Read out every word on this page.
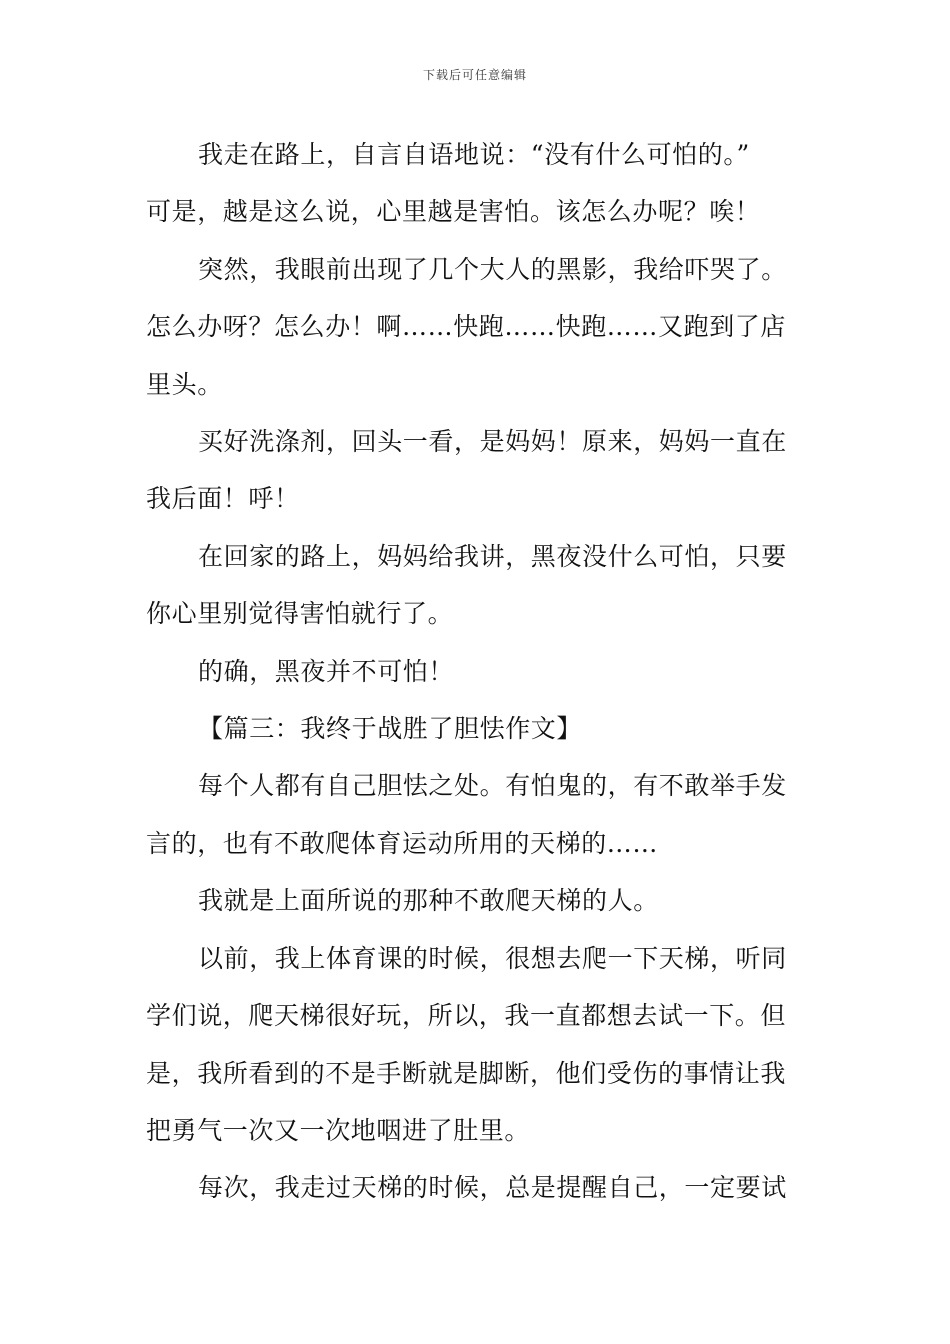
下载后可任意编辑
我走在路上，自言自语地说：“没有什么可怕的。”
可是，越是这么说，心里越是害怕。该怎么办呢？唉！
突然，我眼前出现了几个大人的黑影，我给吓哭了。
怎么办呀？怎么办！啊……快跑……快跑……又跑到了店
里头。
买好洗涤剂，回头一看，是妈妈！原来，妈妈一直在
我后面！呼！
在回家的路上，妈妈给我讲，黑夜没什么可怕，只要
你心里别觉得害怕就行了。
的确，黑夜并不可怕！
【篇三：我终于战胜了胆怯作文】
每个人都有自己胆怯之处。有怕鬼的，有不敢举手发
言的，也有不敢爬体育运动所用的天梯的……
我就是上面所说的那种不敢爬天梯的人。
以前，我上体育课的时候，很想去爬一下天梯，听同
学们说，爬天梯很好玩，所以，我一直都想去试一下。但
是，我所看到的不是手断就是脚断，他们受伤的事情让我
把勇气一次又一次地咽进了肚里。
每次，我走过天梯的时候，总是提醒自己，一定要试
